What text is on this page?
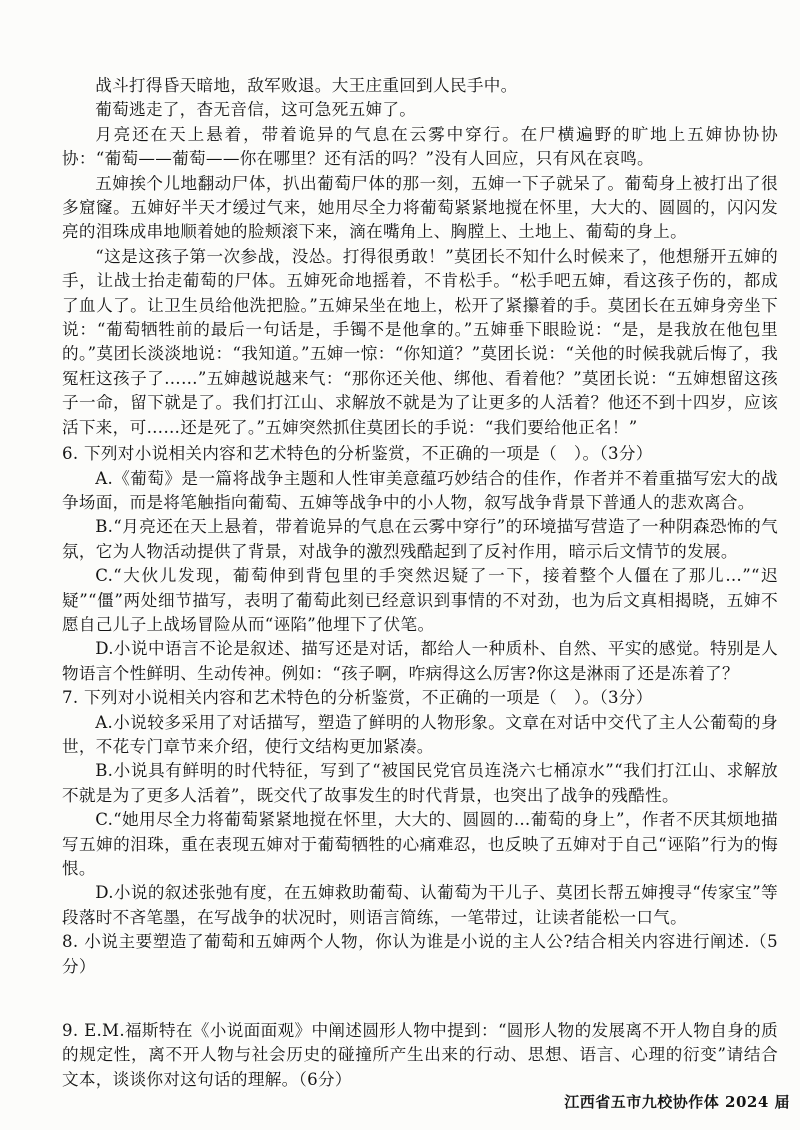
战斗打得昏天暗地，敌军败退。大王庄重回到人民手中。

葡萄逃走了，杳无音信，这可急死五婶了。

月亮还在天上悬着，带着诡异的气息在云雾中穿行。在尸横遍野的旷地上五婶协协协协：“葡萄——葡萄——你在哪里？还有活的吗？”没有人回应，只有风在哀鸣。

五婶挨个儿地翻动尸体，扒出葡萄尸体的那一刻，五婶一下子就呆了。葡萄身上被打出了很多窟窿。五婶好半天才缓过气来，她用尽全力将葡萄紧紧地搅在怀里，大大的、圆圆的，闪闪发亮的泪珠成串地顺着她的脸颊滚下来，滴在嘴角上、胸膛上、土地上、葡萄的身上。

“这是这孩子第一次参战，没怂。打得很勇敢！”莫团长不知什么时候来了，他想掰开五婶的手，让战士抬走葡萄的尸体。五婶死命地摇着，不肯松手。“松手吧五婶，看这孩子伤的，都成了血人了。让卫生员给他洗把脸。”五婶呆坐在地上，松开了紧攥着的手。莫团长在五婶身旁坐下说：“葡萄牺牲前的最后一句话是，手镯不是他拿的。”五婶垂下眼睑说：“是，是我放在他包里的。”莫团长淡淡地说：“我知道。”五婶一惊：“你知道？”莫团长说：“关他的时候我就后悔了，我冤枉这孩子了……”五婶越说越来气：“那你还关他、绑他、看着他？”莫团长说：“五婶想留这孩子一命，留下就是了。我们打江山、求解放不就是为了让更多的人活着？他还不到十四岁，应该活下来，可……还是死了。”五婶突然抓住莫团长的手说：“我们要给他正名！”

6. 下列对小说相关内容和艺术特色的分析鉴赏，不正确的一项是（　）。（3分）

A.《葡萄》是一篇将战争主题和人性审美意蕴巧妙结合的佳作，作者并不着重描写宏大的战争场面，而是将笔触指向葡萄、五婶等战争中的小人物，叙写战争背景下普通人的悲欢离合。

B.“月亮还在天上悬着，带着诡异的气息在云雾中穿行”的环境描写营造了一种阴森恐怖的气氛，它为人物活动提供了背景，对战争的激烈残酷起到了反衬作用，暗示后文情节的发展。

C.“大伙儿发现，葡萄伸到背包里的手突然迟疑了一下，接着整个人僵在了那儿…”“迟疑”“僵”两处细节描写，表明了葡萄此刻已经意识到事情的不对劲，也为后文真相揭晓，五婶不愿自己儿子上战场冒险从而“诬陷”他埋下了伏笔。

D.小说中语言不论是叙述、描写还是对话，都给人一种质朴、自然、平实的感觉。特别是人物语言个性鲜明、生动传神。例如：“孩子啊，咋病得这么厉害?你这是淋雨了还是冻着了？

7. 下列对小说相关内容和艺术特色的分析鉴赏，不正确的一项是（　）。（3分）

A.小说较多采用了对话描写，塑造了鲜明的人物形象。文章在对话中交代了主人公葡萄的身世，不花专门章节来介绍，使行文结构更加紧凑。

B.小说具有鲜明的时代特征，写到了“被国民党官员连浇六七桶凉水”“我们打江山、求解放不就是为了更多人活着”，既交代了故事发生的时代背景，也突出了战争的残酷性。

C.“她用尽全力将葡萄紧紧地搅在怀里，大大的、圆圆的…葡萄的身上”，作者不厌其烦地描写五婶的泪珠，重在表现五婶对于葡萄牺牲的心痛难忍，也反映了五婶对于自己“诬陷”行为的悔恨。

D.小说的叙述张弛有度，在五婶救助葡萄、认葡萄为干儿子、莫团长帮五婶搜寻“传家宝”等段落时不吝笔墨，在写战争的状况时，则语言简练，一笔带过，让读者能松一口气。

8. 小说主要塑造了葡萄和五婶两个人物，你认为谁是小说的主人公?结合相关内容进行阐述.（5分）

9. E.M.福斯特在《小说面面观》中阐述圆形人物中提到：“圆形人物的发展离不开人物自身的质的规定性，离不开人物与社会历史的碰撞所产生出来的行动、思想、语言、心理的衍变”请结合文本，谈谈你对这句话的理解。（6分）

江西省五市九校协作体 2024 届
